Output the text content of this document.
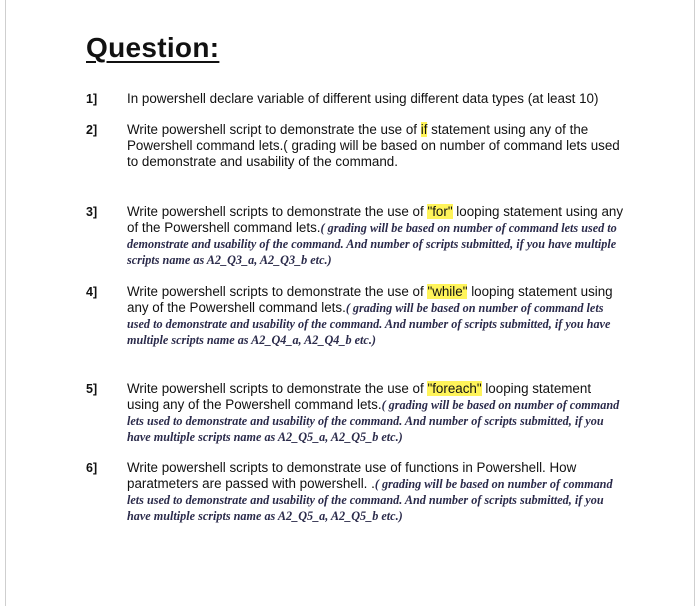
Question:
1] In powershell declare variable of different using different data types (at least 10)
2] Write powershell script to demonstrate the use of if statement using any of the Powershell command lets.( grading will be based on number of command lets used to demonstrate and usability of the command.
3] Write powershell scripts to demonstrate the use of "for" looping statement using any of the Powershell command lets.( grading will be based on number of command lets used to demonstrate and usability of the command. And number of scripts submitted, if you have multiple scripts name as A2_Q3_a, A2_Q3_b etc.)
4] Write powershell scripts to demonstrate the use of "while" looping statement using any of the Powershell command lets.( grading will be based on number of command lets used to demonstrate and usability of the command. And number of scripts submitted, if you have multiple scripts name as A2_Q4_a, A2_Q4_b etc.)
5] Write powershell scripts to demonstrate the use of "foreach" looping statement using any of the Powershell command lets.( grading will be based on number of command lets used to demonstrate and usability of the command. And number of scripts submitted, if you have multiple scripts name as A2_Q5_a, A2_Q5_b etc.)
6] Write powershell scripts to demonstrate use of functions in Powershell. How paratmeters are passed with powershell. .( grading will be based on number of command lets used to demonstrate and usability of the command. And number of scripts submitted, if you have multiple scripts name as A2_Q5_a, A2_Q5_b etc.)
